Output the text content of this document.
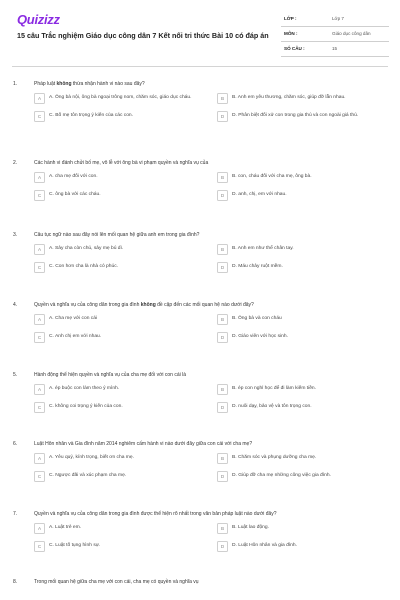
Quizizz
15 câu Trắc nghiệm Giáo dục công dân 7 Kết nối tri thức Bài 10 có đáp án
LỚP :	Lớp 7
MÔN :	Giáo dục công dân
SỐ CÂU :	15
1.	Pháp luật không thừa nhận hành vi nào sau đây?
A	A. Ông bà nội, ông bà ngoại trông nom, chăm sóc, giáo dục cháu.	B	B. Anh em yêu thương, chăm sóc, giúp đỡ lẫn nhau.
C	C. Bố mẹ tôn trọng ý kiến của các con.	D	D. Phân biệt đối xử con trong gia thú và con ngoài giá thú.
2.	Các hành vi đánh chửi bố mẹ, vô lễ với ông bà vi phạm quyền và nghĩa vụ của
A	A. cha mẹ đối với con.	B	B. con, cháu đối với cha mẹ, ông bà.
C	C. ông bà với các cháu.	D	D. anh, chị, em với nhau.
3.	Câu tục ngữ nào sau đây nói lên mối quan hệ giữa anh em trong gia đình?
A	A. Sảy cha còn chú, sảy mẹ bú dì.	B	B. Anh em như thể chân tay.
C	C. Con hơn cha là nhà có phúc.	D	D. Máu chảy ruột mềm.
4.	Quyền và nghĩa vụ của công dân trong gia đình không đề cập đến các mối quan hệ nào dưới đây?
A	A. Cha mẹ với con cái	B	B. Ông bà và con cháu
C	C. Anh chị em với nhau.	D	D. Giáo viên với học sinh.
5.	Hành động thể hiện quyền và nghĩa vụ của cha mẹ đối với con cái là
A	A. ép buộc con làm theo ý mình.	B	B. ép con nghỉ học để đi làm kiếm tiền.
C	C. không coi trọng ý kiến của con.	D	D. nuôi dạy, bảo vệ và tôn trọng con.
6.	Luật Hôn nhân và Gia đình năm 2014 nghiêm cấm hành vi nào dưới đây giữa con cái với cha mẹ?
A	A. Yêu quý, kính trọng, biết ơn cha mẹ.	B	B. Chăm sóc và phụng dưỡng cha mẹ.
C	C. Ngược đãi và xúc phạm cha mẹ.	D	D. Giúp đỡ cha mẹ những công việc gia đình.
7.	Quyền và nghĩa vụ của công dân trong gia đình được thể hiện rõ nhất trong văn bản pháp luật nào dưới đây?
A	A. Luật trẻ em.	B	B. Luật lao động.
C	C. Luật tố tụng hình sự.	D	D. Luật Hôn nhân và gia đình.
8.	Trong mối quan hệ giữa cha mẹ với con cái, cha mẹ có quyền và nghĩa vụ
